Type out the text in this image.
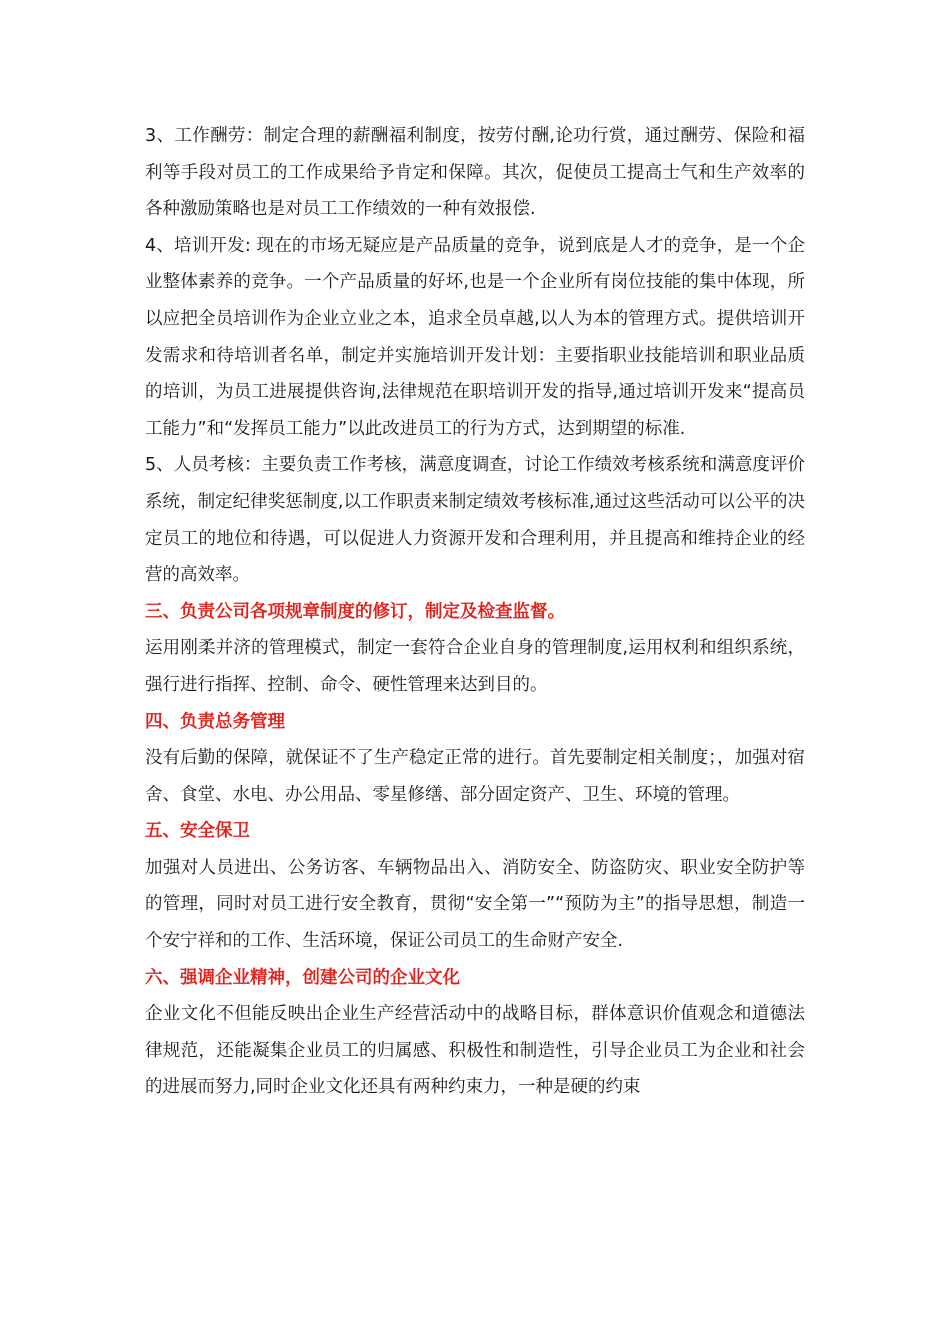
3、工作酬劳：制定合理的薪酬福利制度，按劳付酬,论功行赏，通过酬劳、保险和福利等手段对员工的工作成果给予肯定和保障。其次，促使员工提高士气和生产效率的各种激励策略也是对员工工作绩效的一种有效报偿.

4、培训开发: 现在的市场无疑应是产品质量的竞争，说到底是人才的竞争，是一个企业整体素养的竞争。一个产品质量的好坏,也是一个企业所有岗位技能的集中体现，所以应把全员培训作为企业立业之本，追求全员卓越,以人为本的管理方式。提供培训开发需求和待培训者名单，制定并实施培训开发计划：主要指职业技能培训和职业品质的培训，为员工进展提供咨询,法律规范在职培训开发的指导,通过培训开发来“提高员工能力”和“发挥员工能力”以此改进员工的行为方式，达到期望的标准.

5、人员考核：主要负责工作考核，满意度调查，讨论工作绩效考核系统和满意度评价系统，制定纪律奖惩制度,以工作职责来制定绩效考核标准,通过这些活动可以公平的决定员工的地位和待遇，可以促进人力资源开发和合理利用，并且提高和维持企业的经营的高效率。

三、负责公司各项规章制度的修订，制定及检查监督。

运用刚柔并济的管理模式，制定一套符合企业自身的管理制度,运用权利和组织系统，强行进行指挥、控制、命令、硬性管理来达到目的。

四、负责总务管理

没有后勤的保障，就保证不了生产稳定正常的进行。首先要制定相关制度；，加强对宿舍、食堂、水电、办公用品、零星修缮、部分固定资产、卫生、环境的管理。

五、安全保卫

加强对人员进出、公务访客、车辆物品出入、消防安全、防盗防灾、职业安全防护等的管理，同时对员工进行安全教育，贯彻“安全第一”“预防为主”的指导思想，制造一个安宁祥和的工作、生活环境，保证公司员工的生命财产安全.

六、强调企业精神，创建公司的企业文化

企业文化不但能反映出企业生产经营活动中的战略目标，群体意识价值观念和道德法律规范，还能凝集企业员工的归属感、积极性和制造性，引导企业员工为企业和社会的进展而努力,同时企业文化还具有两种约束力，一种是硬的约束
